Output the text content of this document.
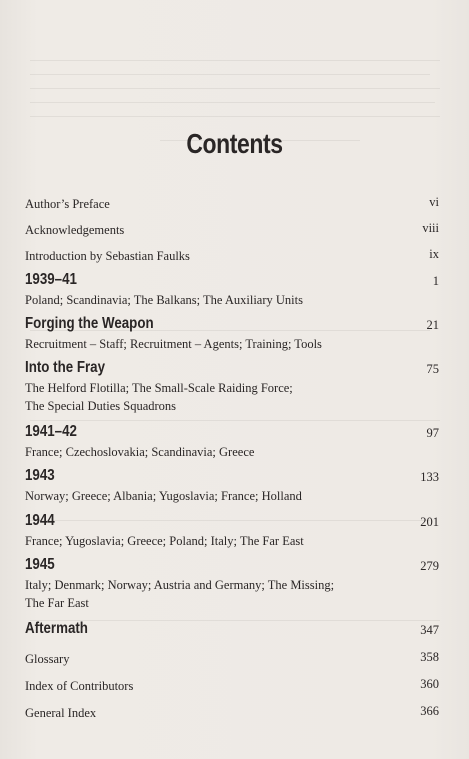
Contents
Author’s Preface	vi
Acknowledgements	viii
Introduction by Sebastian Faulks	ix
1939–41	1
Poland; Scandinavia; The Balkans; The Auxiliary Units
Forging the Weapon	21
Recruitment – Staff; Recruitment – Agents; Training; Tools
Into the Fray	75
The Helford Flotilla; The Small-Scale Raiding Force;
The Special Duties Squadrons
1941–42	97
France; Czechoslovakia; Scandinavia; Greece
1943	133
Norway; Greece; Albania; Yugoslavia; France; Holland
1944	201
France; Yugoslavia; Greece; Poland; Italy; The Far East
1945	279
Italy; Denmark; Norway; Austria and Germany; The Missing;
The Far East
Aftermath	347
Glossary	358
Index of Contributors	360
General Index	366
